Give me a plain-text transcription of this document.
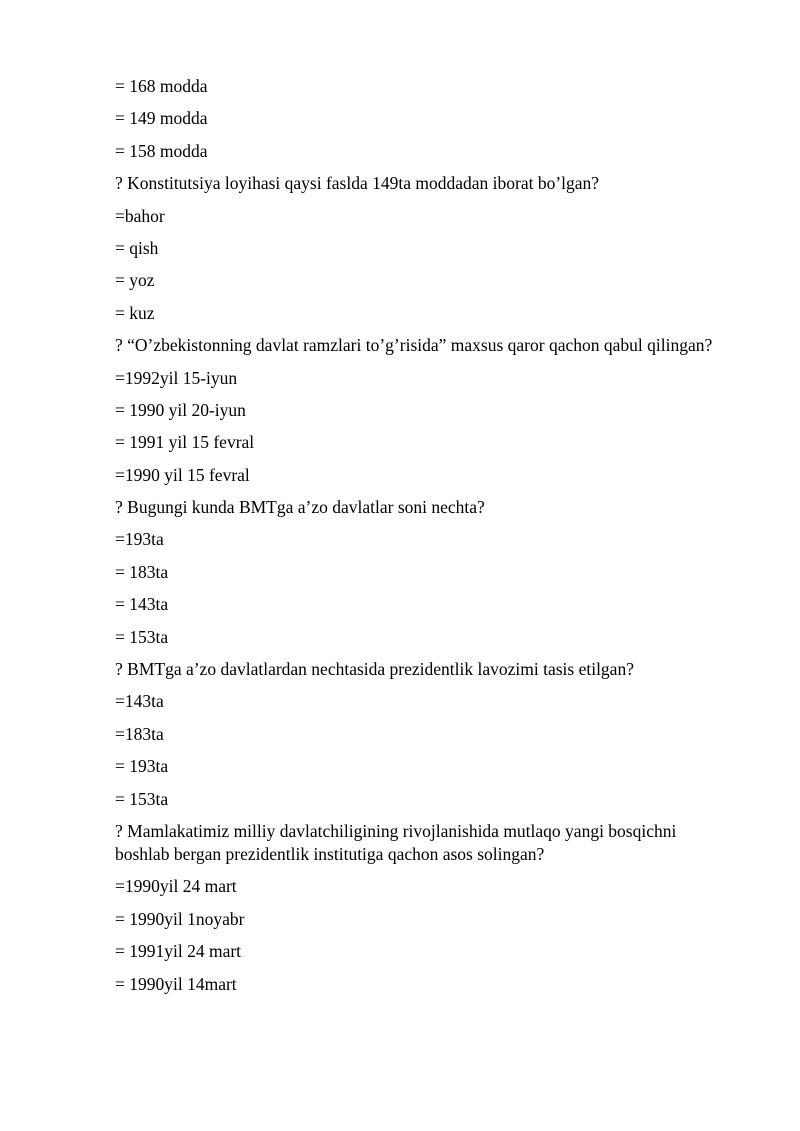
= 168 modda

= 149 modda

= 158 modda

? Konstitutsiya loyihasi qaysi faslda 149ta moddadan iborat bo’lgan?

=bahor

= qish

= yoz

= kuz

? “O’zbekistonning davlat ramzlari to’g’risida” maxsus qaror qachon qabul qilingan?

=1992yil 15-iyun

= 1990 yil 20-iyun

= 1991 yil 15 fevral

=1990 yil 15 fevral

? Bugungi kunda BMTga a’zo davlatlar soni nechta?

=193ta

= 183ta

= 143ta

= 153ta

? BMTga a’zo davlatlardan nechtasida prezidentlik lavozimi tasis etilgan?

=143ta

=183ta

= 193ta

= 153ta

? Mamlakatimiz milliy davlatchiligining rivojlanishida mutlaqo yangi bosqichni boshlab bergan prezidentlik institutiga qachon asos solingan?

=1990yil 24 mart

= 1990yil 1noyabr

= 1991yil 24 mart

= 1990yil 14mart
